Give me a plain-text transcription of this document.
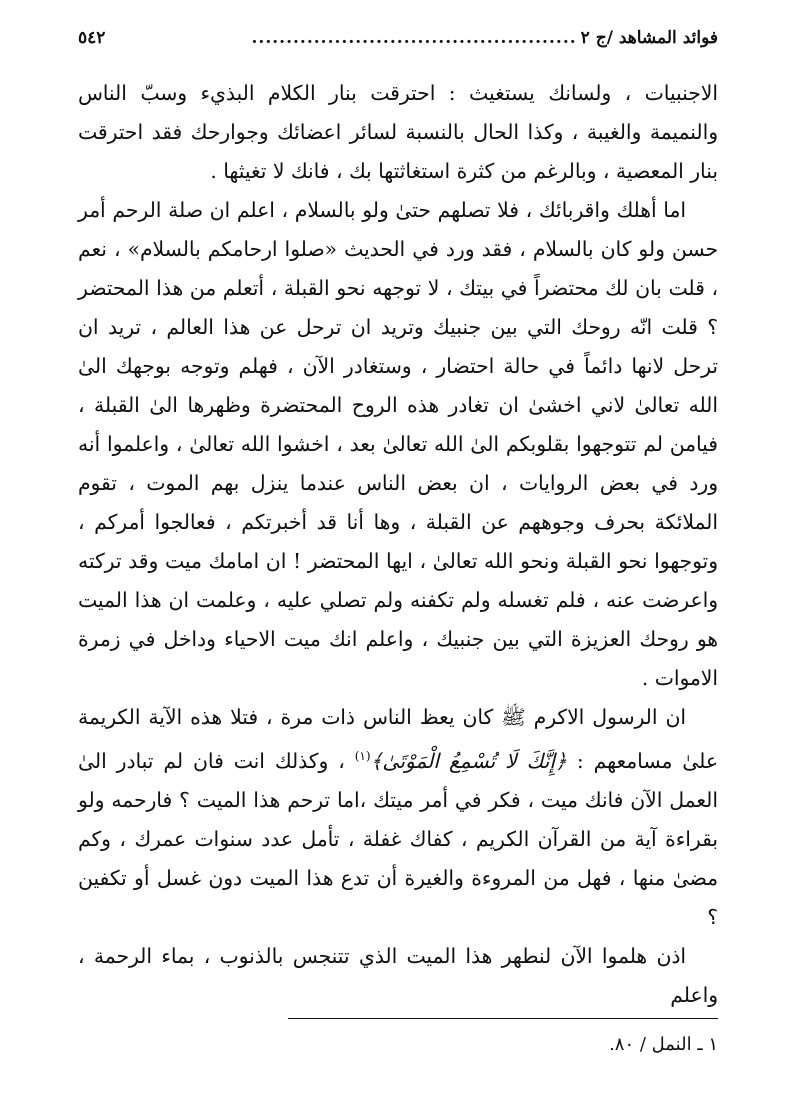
فوائد المشاهد /ج ٢
...............................................
٥٤٢

الاجنبيات ، ولسانك يستغيث : احترقت بنار الكلام البذيء وسبّ الناس والنميمة والغيبة ، وكذا الحال بالنسبة لسائر اعضائك وجوارحك فقد احترقت بنار المعصية ، وبالرغم من كثرة استغاثتها بك ، فانك لا تغيثها .

اما أهلك واقربائك ، فلا تصلهم حتىٰ ولو بالسلام ، اعلم ان صلة الرحم أمر حسن ولو كان بالسلام ، فقد ورد في الحديث «صلوا ارحامكم بالسلام» ، نعم ، قلت بان لك محتضراً في بيتك ، لا توجهه نحو القبلة ، أتعلم من هذا المحتضر ؟ قلت انّه روحك التي بين جنبيك وتريد ان ترحل عن هذا العالم ، تريد ان ترحل لانها دائماً في حالة احتضار ، وستغادر الآن ، فهلم وتوجه بوجهك الىٰ الله تعالىٰ لاني اخشىٰ ان تغادر هذه الروح المحتضرة وظهرها الىٰ القبلة ، فيامن لم تتوجهوا بقلوبكم الىٰ الله تعالىٰ بعد ، اخشوا الله تعالىٰ ، واعلموا أنه ورد في بعض الروايات ، ان بعض الناس عندما ينزل بهم الموت ، تقوم الملائكة بحرف وجوههم عن القبلة ، وها أنا قد أخبرتكم ، فعالجوا أمركم ، وتوجهوا نحو القبلة ونحو الله تعالىٰ ، ايها المحتضر ! ان امامك ميت وقد تركته واعرضت عنه ، فلم تغسله ولم تكفنه ولم تصلي عليه ، وعلمت ان هذا الميت هو روحك العزيزة التي بين جنبيك ، واعلم انك ميت الاحياء وداخل في زمرة الاموات .

ان الرسول الاكرم ﷺ كان يعظ الناس ذات مرة ، فتلا هذه الآية الكريمة علىٰ مسامعهم : ﴿إِنَّكَ لَا تُسْمِعُ الْمَوْتَىٰ﴾$^{(١)}$ ، وكذلك انت فان لم تبادر الىٰ العمل الآن فانك ميت ، فكر في أمر ميتك ،اما ترحم هذا الميت ؟ فارحمه ولو بقراءة آية من القرآن الكريم ، كفاك غفلة ، تأمل عدد سنوات عمرك ، وكم مضىٰ منها ، فهل من المروءة والغيرة أن تدع هذا الميت دون غسل أو تكفين ؟

اذن هلموا الآن لنطهر هذا الميت الذي تتنجس بالذنوب ، بماء الرحمة ، واعلم

١ ـ النمل / ٨٠.
